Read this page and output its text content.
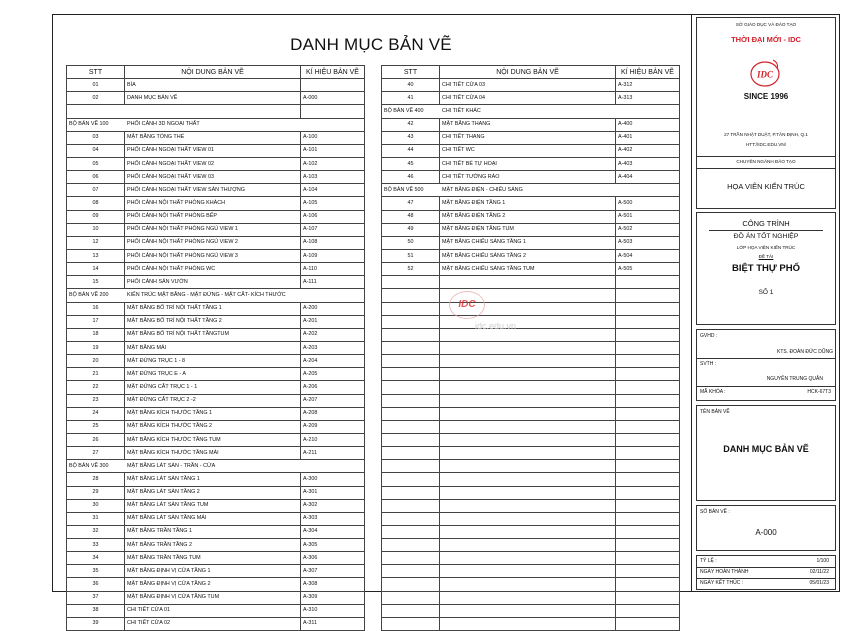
DANH MỤC BẢN VẼ
STT	NỘI DUNG BẢN VẼ	KÍ HIỆU BẢN VẼ
01	BÌA	
02	DANH MỤC BẢN VẼ	A-000

BỘ BẢN VẼ 100 PHỐI CẢNH 3D NGOẠI THẤT		
03	MẶT BẰNG TỔNG THỂ	A-100
04	PHỐI CẢNH NGOẠI THẤT VIEW 01	A-101
05	PHỐI CẢNH NGOẠI THẤT VIEW 02	A-102
06	PHỐI CẢNH NGOẠI THẤT VIEW 03	A-103
07	PHỐI CẢNH NGOẠI THẤT VIEW SÂN THƯỢNG	A-104
08	PHỐI CẢNH NỘI THẤT PHÒNG KHÁCH	A-105
09	PHỐI CẢNH NỘI THẤT PHÒNG BẾP	A-106
10	PHỐI CẢNH NỘI THẤT PHÒNG NGỦ VIEW 1	A-107
12	PHỐI CẢNH NỘI THẤT PHÒNG NGỦ VIEW 2	A-108
13	PHỐI CẢNH NỘI THẤT PHÒNG NGỦ VIEW 3	A-109
14	PHỐI CẢNH NỘI THẤT PHÒNG WC	A-110
15	PHỐI CẢNH SÂN VƯỜN	A-111
BỘ BẢN VẼ 200 KIẾN TRÚC MẶT BẰNG - MẶT ĐỨNG - MẶT CẮT- KÍCH THƯỚC		
16	MẶT BẰNG BỐ TRÍ NỘI THẤT TẦNG 1	A-200
17	MẶT BẰNG BỐ TRÍ NỘI THẤT TẦNG 2	A-201
18	MẶT BẰNG BỐ TRÍ NỘI THẤT TẦNGTUM	A-202
19	MẶT BẰNG MÁI	A-203
20	MẶT ĐỨNG TRỤC 1 - 8	A-204
21	MẶT ĐỨNG TRỤC E - A	A-205
22	MẶT ĐỨNG CẮT TRỤC 1 - 1	A-206
23	MẶT ĐỨNG CẮT TRỤC 2 -2	A-207
24	MẶT BẰNG KÍCH THƯỚC TẦNG 1	A-208
25	MẶT BẰNG KÍCH THƯỚC TẦNG 2	A-209
26	MẶT BẰNG KÍCH THƯỚC TẦNG TUM	A-210
27	MẶT BẰNG KÍCH THƯỚC TẦNG MÁI	A-211
BỘ BẢN VẼ 300 MẶT BẰNG LÁT SÀN - TRẦN - CỬA		
28	MẶT BẰNG LÁT SÀN TẦNG 1	A-300
29	MẶT BẰNG LÁT SÀN TẦNG 2	A-301
30	MẶT BẰNG LÁT SÀN TẦNG TUM	A-302
31	MẶT BẰNG LÁT SÀN TẦNG MÁI	A-303
32	MẶT BẰNG TRẦN TẦNG 1	A-304
33	MẶT BẰNG TRẦN TẦNG 2	A-305
34	MẶT BẰNG TRẦN TẦNG TUM	A-306
35	MẶT BẰNG ĐỊNH VỊ CỬA TẦNG 1	A-307
36	MẶT BẰNG ĐỊNH VỊ CỬA TẦNG 2	A-308
37	MẶT BẰNG ĐỊNH VỊ CỬA TẦNG TUM	A-309
38	CHI TIẾT CỬA 01	A-310
39	CHI TIẾT CỬA 02	A-311
STT	NỘI DUNG BẢN VẼ	KÍ HIỆU BẢN VẼ
40	CHI TIẾT CỬA 03	A-312
41	CHI TIẾT CỬA 04	A-313
BỘ BẢN VẼ 400 CHI TIẾT KHÁC		
42	MẶT BẰNG THANG	A-400
43	CHI TIẾT THANG	A-401
44	CHI TIẾT WC	A-402
45	CHI TIẾT BỂ TỰ HOẠI	A-403
46	CHI TIẾT TƯỜNG RÀO	A-404
BỘ BẢN VẼ 500 MẶT BẰNG ĐIỆN - CHIẾU SÁNG		
47	MẶT BẰNG ĐIỆN TẦNG 1	A-500
48	MẶT BẰNG ĐIỆN TẦNG 2	A-501
49	MẶT BẰNG ĐIỆN TẦNG TUM	A-502
50	MẶT BẰNG CHIẾU SÁNG TẦNG 1	A-503
51	MẶT BẰNG CHIẾU SÁNG TẦNG 2	A-504
52	MẶT BẰNG CHIẾU SÁNG TẦNG TUM	A-505

IDC
idc.edu.vn
SỞ GIÁO DỤC VÀ ĐÀO TẠO
THỜI ĐẠI MỚI - IDC
IDC
SINCE 1996
27 TRẦN NHẬT DUẬT, P.TÂN ĐỊNH, Q.1
HTT://IDC.EDU.VN/
CHUYÊN NGÀNH ĐÀO TẠO
HỌA VIÊN KIẾN TRÚC
CÔNG TRÌNH
ĐỒ ÁN TỐT NGHIỆP
LỚP HỌA VIÊN KIẾN TRÚC
ĐỀ TÀI
BIỆT THỰ PHỐ
SỐ 1
GVHD :
KTS. ĐOÀN ĐỨC DŨNG
SVTH :
NGUYỄN TRUNG QUÂN
MÃ KHÓA :	HCK-67T3
TÊN BẢN VẼ
DANH MỤC BẢN VẼ
SỐ BẢN VẼ :
A-000
TỶ LỆ :	1/100
NGÀY HOÀN THÀNH	02/11/22
NGÀY KẾT THÚC :	05/01/23
